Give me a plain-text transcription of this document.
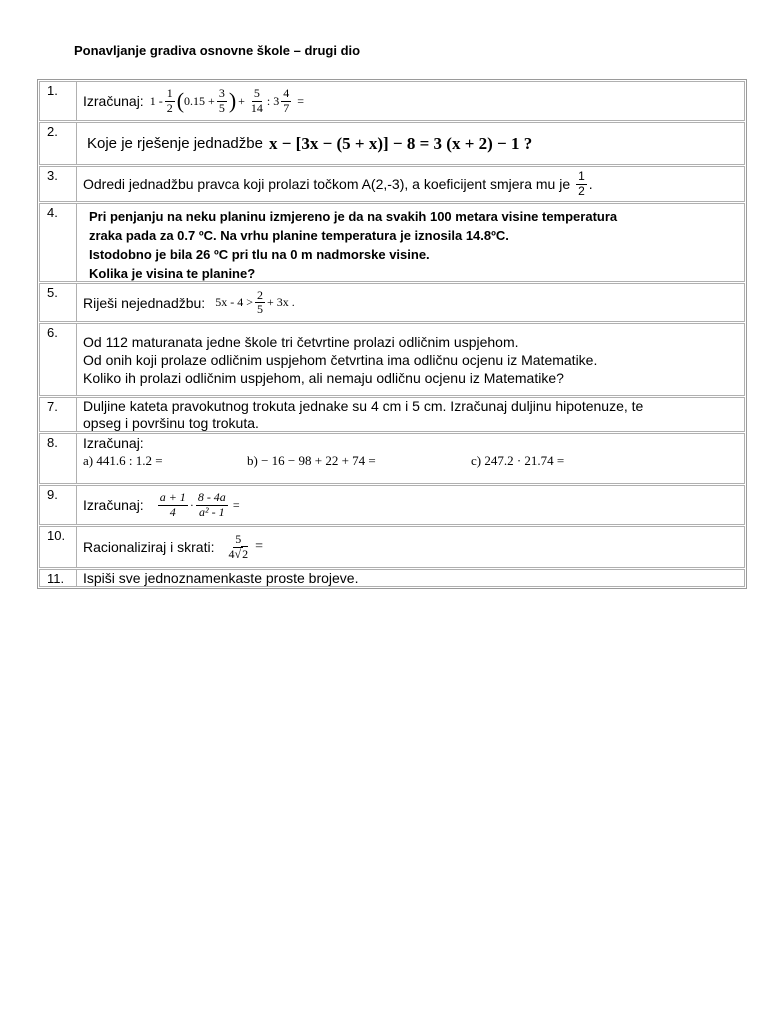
Ponavljanje gradiva osnovne škole – drugi dio
1.
Izračunaj: $1 - \frac{1}{2}$ ( $0.15 + \frac{3}{5}$ ) + $\frac{5}{14}$ : $3 \frac{4}{7}$ =
2.
Koje je rješenje jednadžbe x − [3x − (5 + x)] − 8 = 3 (x + 2) − 1 ?
3.
Odredi jednadžbu pravca koji prolazi točkom A(2,-3), a koeficijent smjera mu je $\frac{1}{2}$ .
4.	Pri penjanju na neku planinu izmjereno je da na svakih 100 metara visine temperatura

zraka pada za 0.7 ºC. Na vrhu planine temperatura je iznosila 14.8ºC.

Istodobno je bila 26 ºC pri tlu na 0 m nadmorske visine.

Kolika je visina te planine?

5.
Riješi nejednadžbu: $5x - 4 > \frac{2}{5} + 3x$ .
6.

Od 112 maturanata jedne škole tri četvrtine prolazi odličnim uspjehom.

Od onih koji prolaze odličnim uspjehom četvrtina ima odličnu ocjenu iz Matematike.

Koliko ih prolazi odličnim uspjehom, ali nemaju odličnu ocjenu iz Matematike?

7.	Duljine kateta pravokutnog trokuta jednake su 4 cm i 5 cm. Izračunaj duljinu hipotenuze, te

opseg i površinu tog trokuta.

8.	Izračunaj:
a) 441.6 : 1.2 =	b) − 16 − 98 + 22 + 74 =	c) 247.2 · 21.74 =
9.
Izračunaj: $\frac{a + 1}{4} \cdot \frac{8 - 4a}{\text{a² - 1}}$ =
10.
Racionaliziraj i skrati: $\frac{5}{4√2}$ =
11.	Ispiši sve jednoznamenkaste proste brojeve.
